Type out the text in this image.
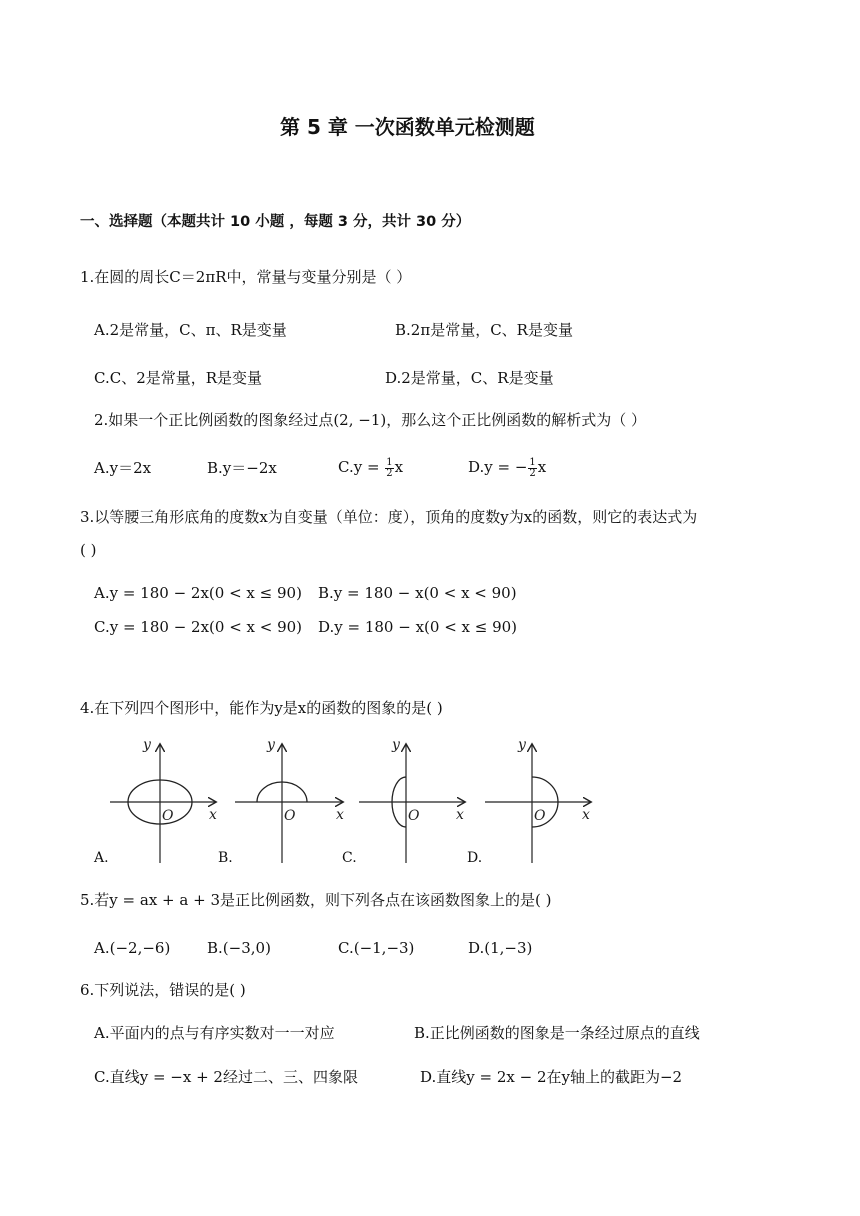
第 5 章 一次函数单元检测题
一、选择题（本题共计 10 小题 ，每题 3 分，共计 30 分）
1.在圆的周长C＝2πR中，常量与变量分别是（ ）
A.2是常量，C、π、R是变量	B.2π是常量，C、R是变量
C.C、2是常量，R是变量	D.2是常量，C、R是变量
2.如果一个正比例函数的图象经过点(2, −1)，那么这个正比例函数的解析式为（ ）
A.y＝2x	B.y＝−2x	$C.y = \frac{1}{2}$ x	D.y = − $\frac{1}{2}$ x
3.以等腰三角形底角的度数x为自变量（单位：度），顶角的度数y为x的函数，则它的表达式为
( )
A.y = 180 − 2x(0 < x ≤ 90) B.y = 180 − x(0 < x < 90)
C.y = 180 − 2x(0 < x < 90) D.y = 180 − x(0 < x ≤ 90)
4.在下列四个图形中，能作为y是x的函数的图象的是( )
y
x
O
A.
y
x
O
B.
y
x
O
C.
y
x
O
D.
5.若y = ax + a + 3是正比例函数，则下列各点在该函数图象上的是( )
A.(−2,−6) B.(−3,0)	C.(−1,−3)	D.(1,−3)
6.下列说法，错误的是( )
A.平面内的点与有序实数对一一对应	B.正比例函数的图象是一条经过原点的直线
C.直线y = −x + 2经过二、三、四象限	D.直线y = 2x − 2在y轴上的截距为−2
